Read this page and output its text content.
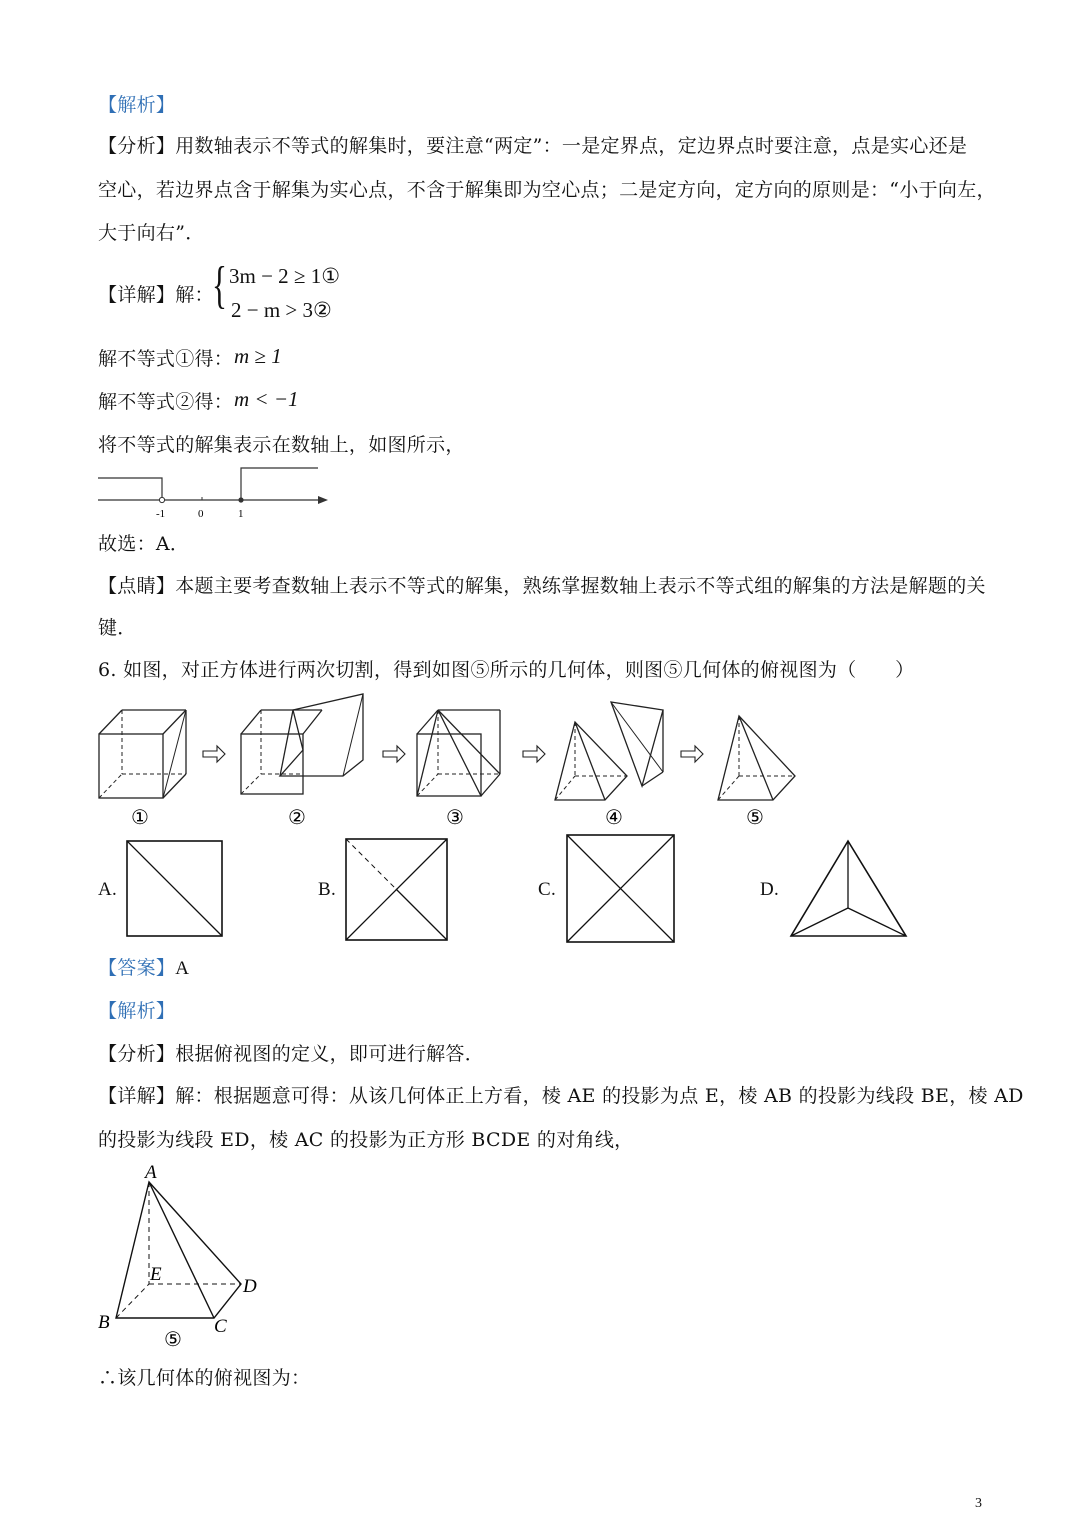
【解析】
【分析】用数轴表示不等式的解集时，要注意“两定”：一是定界点，定边界点时要注意，点是实心还是
空心，若边界点含于解集为实心点，不含于解集即为空心点；二是定方向，定方向的原则是：“小于向左，
大于向右”．
【详解】解：
{ 3m − 2 ≥ 1①
2 − m > 3②
解不等式①得： m ≥ 1
解不等式②得： m < −1
将不等式的解集表示在数轴上，如图所示，
-1	0	1
故选：A．
【点睛】本题主要考查数轴上表示不等式的解集，熟练掌握数轴上表示不等式组的解集的方法是解题的关
键．
6. 如图，对正方体进行两次切割，得到如图⑤所示的几何体，则图⑤几何体的俯视图为（　　）
①	②	③	④	⑤
A.	B.	C.	D.
【答案】A
【解析】
【分析】根据俯视图的定义，即可进行解答．
【详解】解：根据题意可得：从该几何体正上方看，棱 AE 的投影为点 E，棱 AB 的投影为线段 BE，棱 AD
的投影为线段 ED，棱 AC 的投影为正方形 BCDE 的对角线，
A
E
D
B	C
⑤
∴该几何体的俯视图为：
3
